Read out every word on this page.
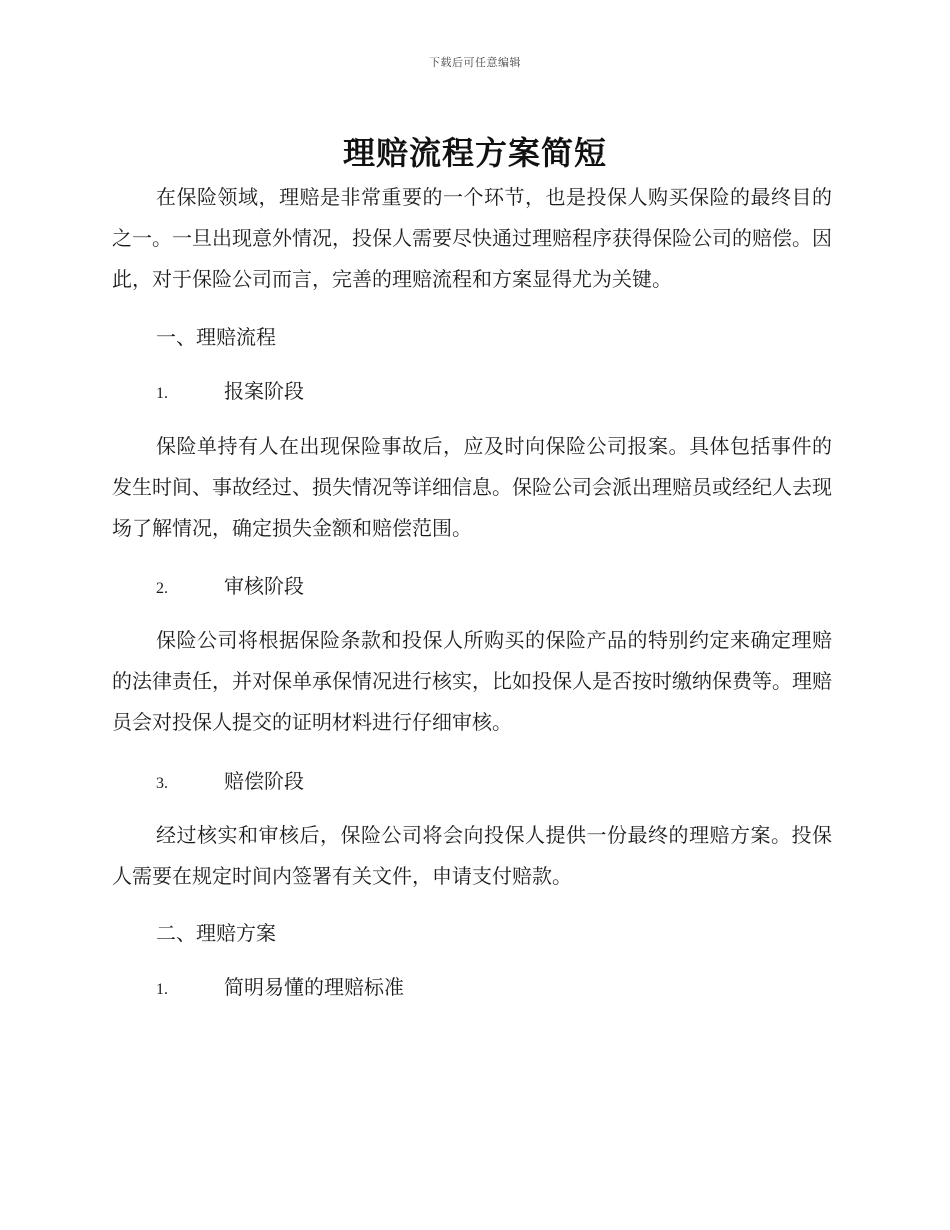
下载后可任意编辑
理赔流程方案简短

在保险领域，理赔是非常重要的一个环节，也是投保人购买保险的最终目的之一。一旦出现意外情况，投保人需要尽快通过理赔程序获得保险公司的赔偿。因此，对于保险公司而言，完善的理赔流程和方案显得尤为关键。

一、理赔流程

1.	报案阶段

保险单持有人在出现保险事故后，应及时向保险公司报案。具体包括事件的发生时间、事故经过、损失情况等详细信息。保险公司会派出理赔员或经纪人去现场了解情况，确定损失金额和赔偿范围。

2.	审核阶段

保险公司将根据保险条款和投保人所购买的保险产品的特别约定来确定理赔的法律责任，并对保单承保情况进行核实，比如投保人是否按时缴纳保费等。理赔员会对投保人提交的证明材料进行仔细审核。

3.	赔偿阶段

经过核实和审核后，保险公司将会向投保人提供一份最终的理赔方案。投保人需要在规定时间内签署有关文件，申请支付赔款。

二、理赔方案

1.	简明易懂的理赔标准
